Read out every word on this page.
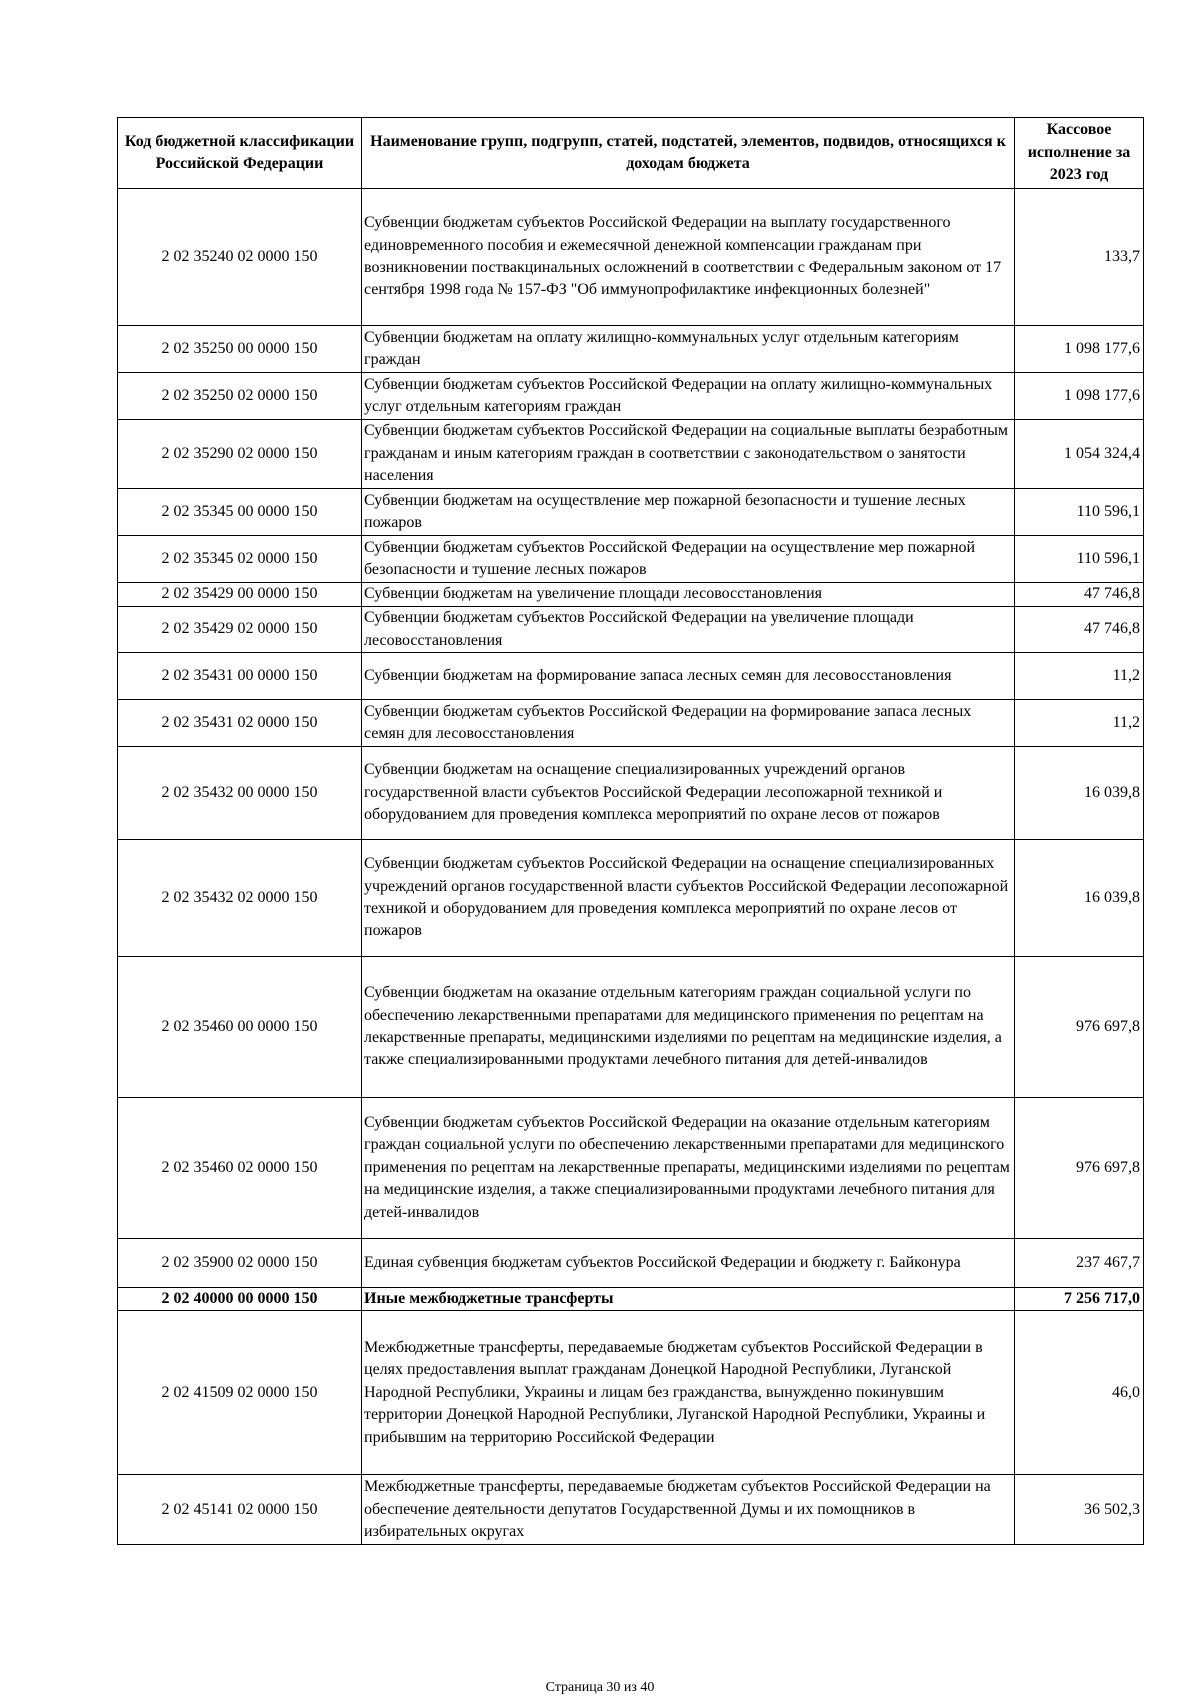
Код бюджетной классификации Российской Федерации	Наименование групп, подгрупп, статей, подстатей, элементов, подвидов, относящихся к доходам бюджета	Кассовое исполнение за 2023 год
2 02 35240 02 0000 150	Субвенции бюджетам субъектов Российской Федерации на выплату государственного единовременного пособия и ежемесячной денежной компенсации гражданам при возникновении поствакцинальных осложнений в соответствии с Федеральным законом от 17 сентября 1998 года № 157-ФЗ "Об иммунопрофилактике инфекционных болезней"	133,7
2 02 35250 00 0000 150	Субвенции бюджетам на оплату жилищно-коммунальных услуг отдельным категориям граждан	1 098 177,6
2 02 35250 02 0000 150	Субвенции бюджетам субъектов Российской Федерации на оплату жилищно-коммунальных услуг отдельным категориям граждан	1 098 177,6
2 02 35290 02 0000 150	Субвенции бюджетам субъектов Российской Федерации на социальные выплаты безработным гражданам и иным категориям граждан в соответствии с законодательством о занятости населения	1 054 324,4
2 02 35345 00 0000 150	Субвенции бюджетам на осуществление мер пожарной безопасности и тушение лесных пожаров	110 596,1
2 02 35345 02 0000 150	Субвенции бюджетам субъектов Российской Федерации на осуществление мер пожарной безопасности и тушение лесных пожаров	110 596,1
2 02 35429 00 0000 150	Субвенции бюджетам на увеличение площади лесовосстановления	47 746,8
2 02 35429 02 0000 150	Субвенции бюджетам субъектов Российской Федерации на увеличение площади лесовосстановления	47 746,8
2 02 35431 00 0000 150	Субвенции бюджетам на формирование запаса лесных семян для лесовосстановления	11,2
2 02 35431 02 0000 150	Субвенции бюджетам субъектов Российской Федерации на формирование запаса лесных семян для лесовосстановления	11,2
2 02 35432 00 0000 150	Субвенции бюджетам на оснащение специализированных учреждений органов государственной власти субъектов Российской Федерации лесопожарной техникой и оборудованием для проведения комплекса мероприятий по охране лесов от пожаров	16 039,8
2 02 35432 02 0000 150	Субвенции бюджетам субъектов Российской Федерации на оснащение специализированных учреждений органов государственной власти субъектов Российской Федерации лесопожарной техникой и оборудованием для проведения комплекса мероприятий по охране лесов от пожаров	16 039,8
2 02 35460 00 0000 150	Субвенции бюджетам на оказание отдельным категориям граждан социальной услуги по обеспечению лекарственными препаратами для медицинского применения по рецептам на лекарственные препараты, медицинскими изделиями по рецептам на медицинские изделия, а также специализированными продуктами лечебного питания для детей-инвалидов	976 697,8
2 02 35460 02 0000 150	Субвенции бюджетам субъектов Российской Федерации на оказание отдельным категориям граждан социальной услуги по обеспечению лекарственными препаратами для медицинского применения по рецептам на лекарственные препараты, медицинскими изделиями по рецептам на медицинские изделия, а также специализированными продуктами лечебного питания для детей-инвалидов	976 697,8
2 02 35900 02 0000 150	Единая субвенция бюджетам субъектов Российской Федерации и бюджету г. Байконура	237 467,7
2 02 40000 00 0000 150	Иные межбюджетные трансферты	7 256 717,0
2 02 41509 02 0000 150	Межбюджетные трансферты, передаваемые бюджетам субъектов Российской Федерации в целях предоставления выплат гражданам Донецкой Народной Республики, Луганской Народной Республики, Украины и лицам без гражданства, вынужденно покинувшим территории Донецкой Народной Республики, Луганской Народной Республики, Украины и прибывшим на территорию Российской Федерации	46,0
2 02 45141 02 0000 150	Межбюджетные трансферты, передаваемые бюджетам субъектов Российской Федерации на обеспечение деятельности депутатов Государственной Думы и их помощников в избирательных округах	36 502,3
Страница 30 из 40
